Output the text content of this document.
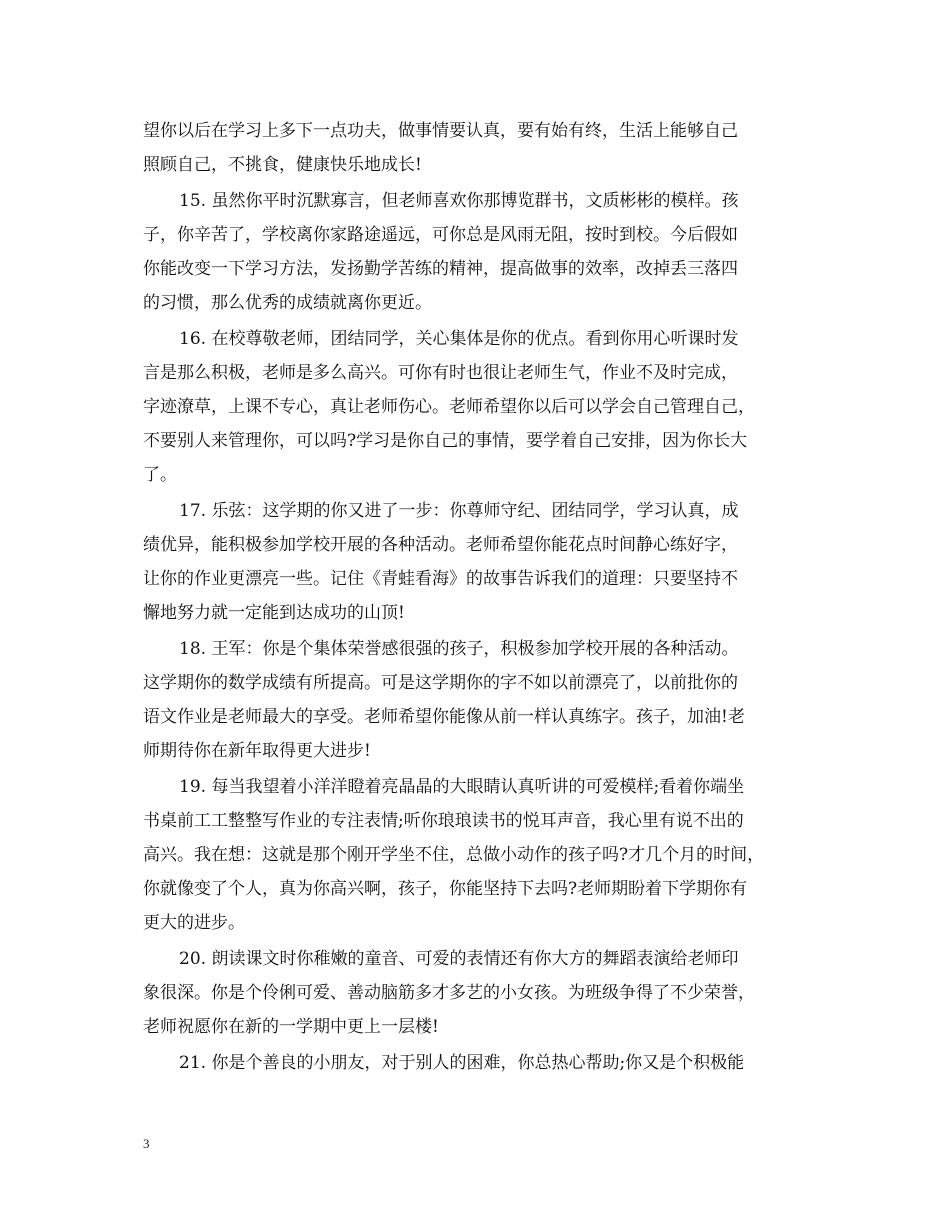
望你以后在学习上多下一点功夫，做事情要认真，要有始有终，生活上能够自己
照顾自己，不挑食，健康快乐地成长!
15. 虽然你平时沉默寡言，但老师喜欢你那博览群书，文质彬彬的模样。孩
子，你辛苦了，学校离你家路途遥远，可你总是风雨无阻，按时到校。今后假如
你能改变一下学习方法，发扬勤学苦练的精神，提高做事的效率，改掉丢三落四
的习惯，那么优秀的成绩就离你更近。
16. 在校尊敬老师，团结同学，关心集体是你的优点。看到你用心听课时发
言是那么积极，老师是多么高兴。可你有时也很让老师生气，作业不及时完成，
字迹潦草，上课不专心，真让老师伤心。老师希望你以后可以学会自己管理自己，
不要别人来管理你，可以吗?学习是你自己的事情，要学着自己安排，因为你长大
了。
17. 乐弦：这学期的你又进了一步：你尊师守纪、团结同学，学习认真，成
绩优异，能积极参加学校开展的各种活动。老师希望你能花点时间静心练好字，
让你的作业更漂亮一些。记住《青蛙看海》的故事告诉我们的道理：只要坚持不
懈地努力就一定能到达成功的山顶!
18. 王军：你是个集体荣誉感很强的孩子，积极参加学校开展的各种活动。
这学期你的数学成绩有所提高。可是这学期你的字不如以前漂亮了，以前批你的
语文作业是老师最大的享受。老师希望你能像从前一样认真练字。孩子，加油!老
师期待你在新年取得更大进步!
19. 每当我望着小洋洋瞪着亮晶晶的大眼睛认真听讲的可爱模样;看着你端坐
书桌前工工整整写作业的专注表情;听你琅琅读书的悦耳声音，我心里有说不出的
高兴。我在想：这就是那个刚开学坐不住，总做小动作的孩子吗?才几个月的时间，
你就像变了个人，真为你高兴啊，孩子，你能坚持下去吗?老师期盼着下学期你有
更大的进步。
20. 朗读课文时你稚嫩的童音、可爱的表情还有你大方的舞蹈表演给老师印
象很深。你是个伶俐可爱、善动脑筋多才多艺的小女孩。为班级争得了不少荣誉，
老师祝愿你在新的一学期中更上一层楼!
21. 你是个善良的小朋友，对于别人的困难，你总热心帮助;你又是个积极能
3
